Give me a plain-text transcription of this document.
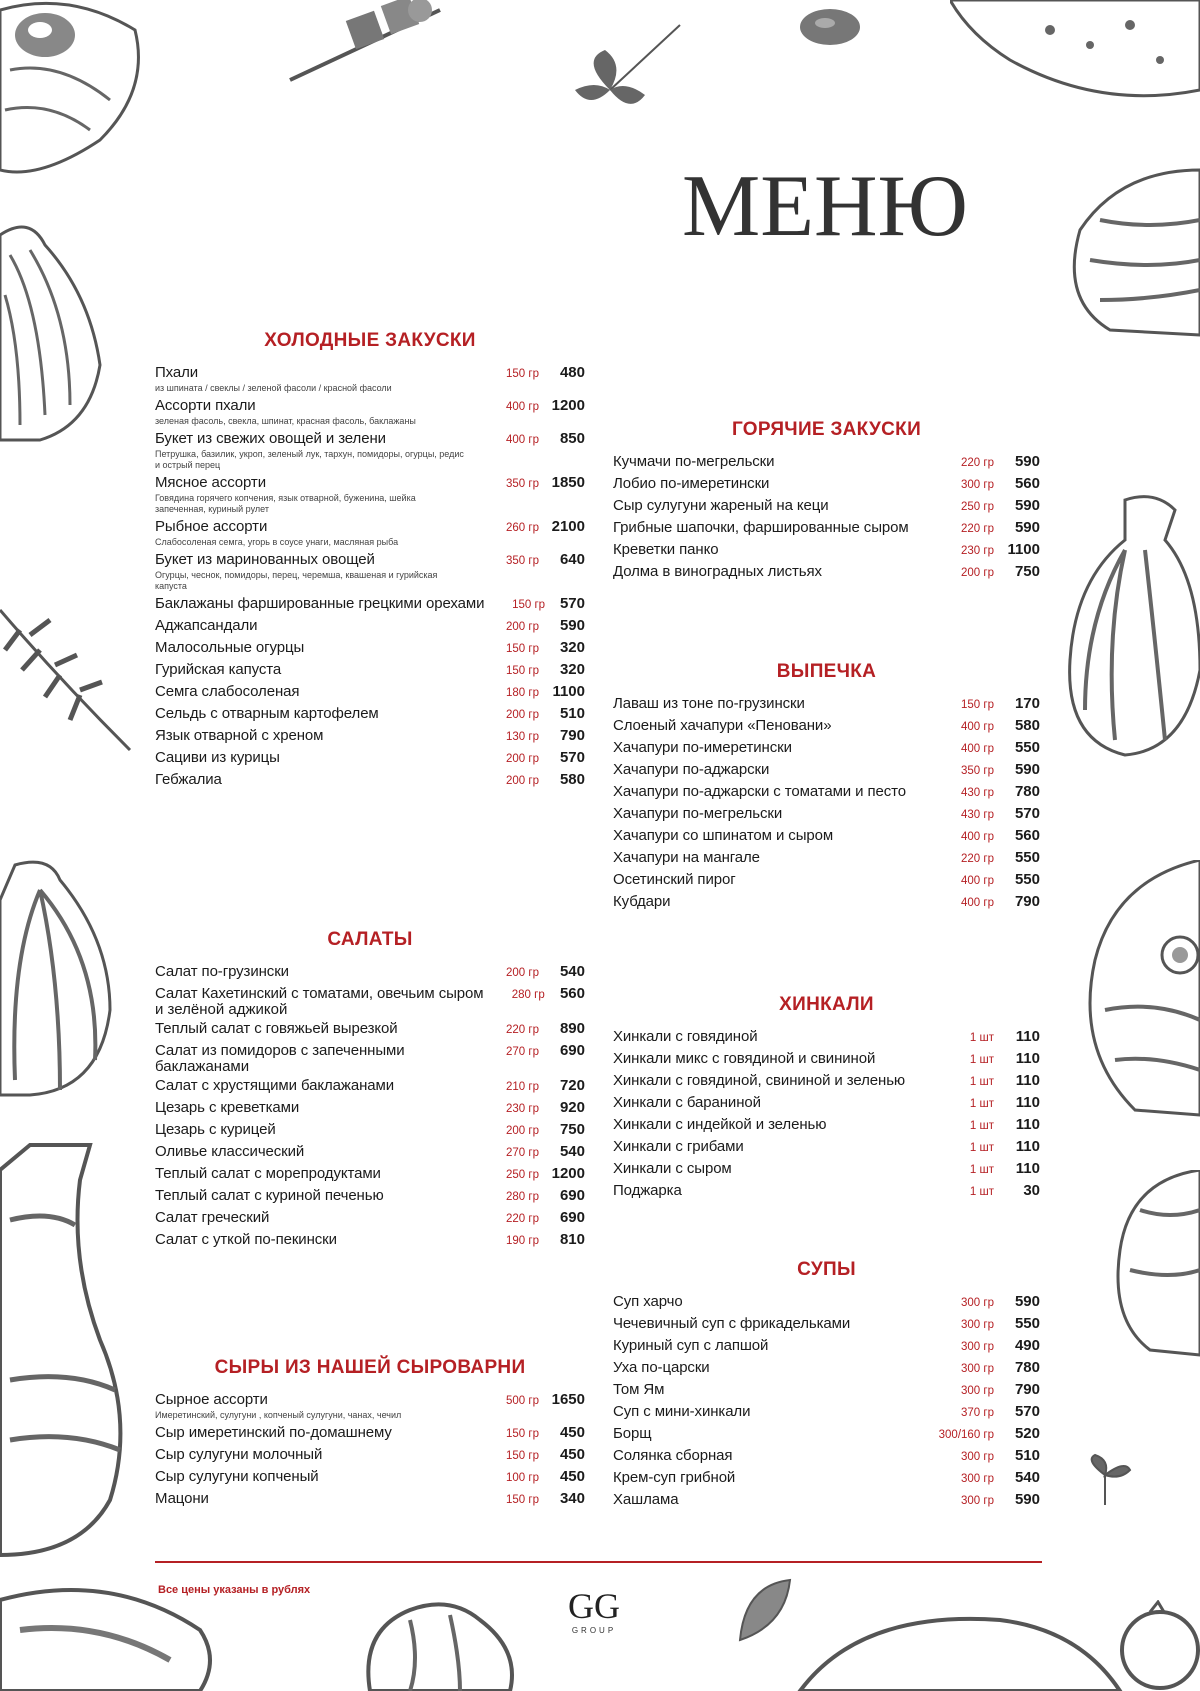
МЕНЮ
ХОЛОДНЫЕ ЗАКУСКИ
Пхали	150 гр	480
из шпината / свеклы / зеленой фасоли / красной фасоли
Ассорти пхали	400 гр 1200
зеленая фасоль, свекла, шпинат, красная фасоль, баклажаны
Букет из свежих овощей и зелени	400 гр	850
Петрушка, базилик, укроп, зеленый лук, тархун, помидоры, огурцы, редис и острый перец
Мясное ассорти	350 гр 1850
Говядина горячего копчения, язык отварной, буженина, шейка запеченная, куриный рулет
Рыбное ассорти	260 гр 2100
Слабосоленая семга, угорь в соусе унаги, масляная рыба
Букет из маринованных овощей	350 гр	640
Огурцы, чеснок, помидоры, перец, черемша, квашеная и гурийская капуста
Баклажаны фаршированные грецкими орехами	150 гр 570
Аджапсандали	200 гр	590
Малосольные огурцы	150 гр	320
Гурийская капуста	150 гр	320
Семга слабосоленая	180 гр 1100
Сельдь с отварным картофелем	200 гр	510
Язык отварной с хреном	130 гр	790
Сациви из курицы	200 гр	570
Гебжалиа	200 гр	580
САЛАТЫ
Салат по-грузински	200 гр	540
Салат Кахетинский с томатами, овечьим сыром	280 гр	560
и зелёной аджикой
Теплый салат с говяжьей вырезкой	220 гр	890
Салат из помидоров с запеченными	270 гр	690
баклажанами
Салат с хрустящими баклажанами	210 гр	720
Цезарь с креветками	230 гр	920
Цезарь с курицей	200 гр	750
Оливье классический	270 гр	540
Теплый салат с морепродуктами	250 гр 1200
Теплый салат с куриной печенью	280 гр	690
Салат греческий	220 гр	690
Салат с уткой по-пекински	190 гр	810
СЫРЫ ИЗ НАШЕЙ СЫРОВАРНИ
Сырное ассорти	500 гр 1650
Имеретинский, сулугуни , копченый сулугуни, чанах, чечил
Сыр имеретинский по-домашнему	150 гр	450
Сыр сулугуни молочный	150 гр	450
Сыр сулугуни копченый	100 гр	450
Мацони	150 гр	340
ГОРЯЧИЕ ЗАКУСКИ
Кучмачи по-мегрельски	220 гр	590
Лобио по-имеретински	300 гр	560
Сыр сулугуни жареный на кеци	250 гр	590
Грибные шапочки, фаршированные сыром	220 гр	590
Креветки панко	230 гр 1100
Долма в виноградных листьях	200 гр	750
ВЫПЕЧКА
Лаваш из тоне по-грузински	150 гр	170
Слоеный хачапури «Пеновани»	400 гр	580
Хачапури по-имеретински	400 гр	550
Хачапури по-аджарски	350 гр	590
Хачапури по-аджарски с томатами и песто	430 гр	780
Хачапури по-мегрельски	430 гр	570
Хачапури со шпинатом и сыром	400 гр	560
Хачапури на мангале	220 гр	550
Осетинский пирог	400 гр	550
Кубдари	400 гр	790
ХИНКАЛИ
Хинкали с говядиной	1 шт	110
Хинкали микс с говядиной и свининой	1 шт	110
Хинкали с говядиной, свининой и зеленью	1 шт	110
Хинкали с бараниной	1 шт	110
Хинкали с индейкой и зеленью	1 шт	110
Хинкали с грибами	1 шт	110
Хинкали с сыром	1 шт	110
Поджарка	1 шт	30
СУПЫ
Суп харчо	300 гр	590
Чечевичный суп с фрикадельками	300 гр	550
Куриный суп с лапшой	300 гр	490
Уха по-царски	300 гр	780
Том Ям	300 гр	790
Суп с мини-хинкали	370 гр	570
Борщ	300/160 гр	520
Солянка сборная	300 гр	510
Крем-суп грибной	300 гр	540
Хашлама	300 гр	590
Все цены указаны в рублях	GG
GROUP
